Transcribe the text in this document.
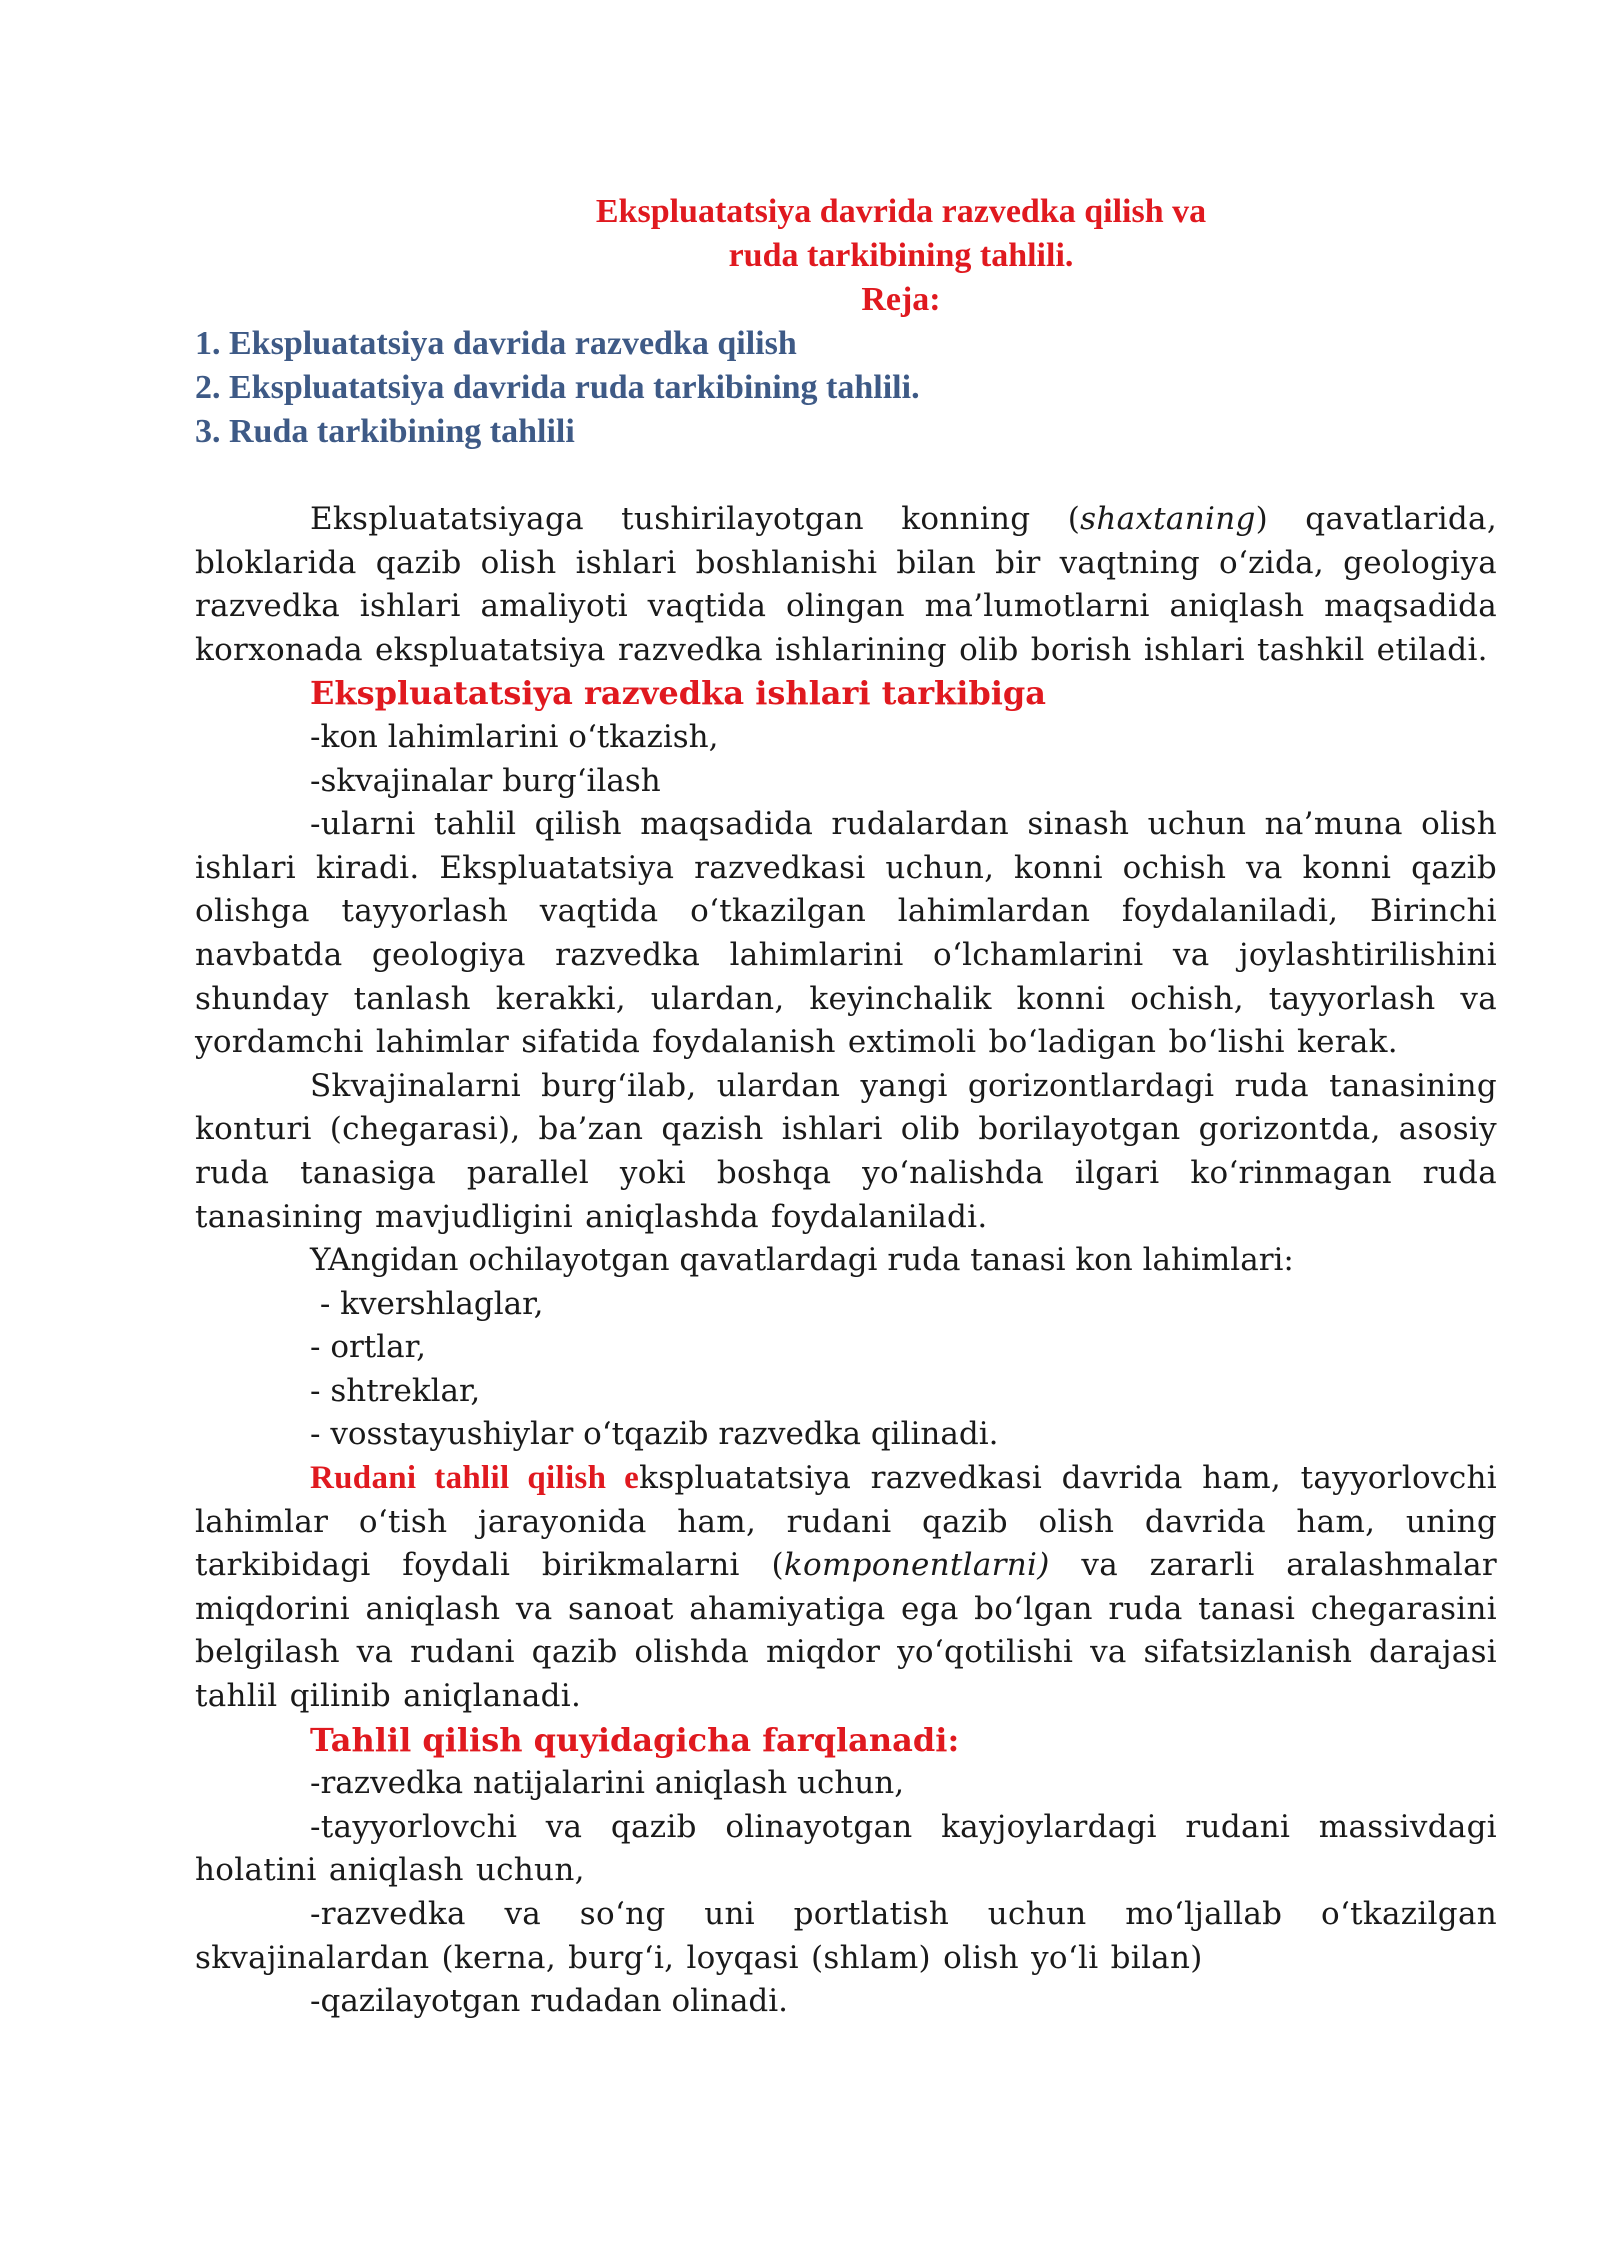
Ekspluatatsiya davrida razvedka qilish va
ruda tarkibining tahlili.
Reja:
1. Ekspluatatsiya davrida razvedka qilish
2. Ekspluatatsiya davrida ruda tarkibining tahlili.
3. Ruda tarkibining tahlili

Ekspluatatsiyaga tushirilayotgan konning (shaxtaning) qavatlarida, bloklarida qazib olish ishlari boshlanishi bilan bir vaqtning o‘zida, geologiya razvedka ishlari amaliyoti vaqtida olingan ma’lumotlarni aniqlash maqsadida korxonada ekspluatatsiya razvedka ishlarining olib borish ishlari tashkil etiladi.

Ekspluatatsiya razvedka ishlari tarkibiga

-kon lahimlarini o‘tkazish,

-skvajinalar burg‘ilash

-ularni tahlil qilish maqsadida rudalardan sinash uchun na’muna olish ishlari kiradi. Ekspluatatsiya razvedkasi uchun, konni ochish va konni qazib olishga tayyorlash vaqtida o‘tkazilgan lahimlardan foydalaniladi, Birinchi navbatda geologiya razvedka lahimlarini o‘lchamlarini va joylashtirilishini shunday tanlash kerakki, ulardan, keyinchalik konni ochish, tayyorlash va yordamchi lahimlar sifatida foydalanish extimoli bo‘ladigan bo‘lishi kerak.

Skvajinalarni burg‘ilab, ulardan yangi gorizontlardagi ruda tanasining konturi (chegarasi), ba’zan qazish ishlari olib borilayotgan gorizontda, asosiy ruda tanasiga parallel yoki boshqa yo‘nalishda ilgari ko‘rinmagan ruda tanasining mavjudligini aniqlashda foydalaniladi.

YAngidan ochilayotgan qavatlardagi ruda tanasi kon lahimlari:

- kvershlaglar,

- ortlar,

- shtreklar,

- vosstayushiylar o‘tqazib razvedka qilinadi.

Rudani tahlil qilish ekspluatatsiya razvedkasi davrida ham, tayyorlovchi lahimlar o‘tish jarayonida ham, rudani qazib olish davrida ham, uning tarkibidagi foydali birikmalarni (komponentlarni) va zararli aralashmalar miqdorini aniqlash va sanoat ahamiyatiga ega bo‘lgan ruda tanasi chegarasini belgilash va rudani qazib olishda miqdor yo‘qotilishi va sifatsizlanish darajasi tahlil qilinib aniqlanadi.

Tahlil qilish quyidagicha farqlanadi:

-razvedka natijalarini aniqlash uchun,

-tayyorlovchi va qazib olinayotgan kayjoylardagi rudani massivdagi holatini aniqlash uchun,

-razvedka va so‘ng uni portlatish uchun mo‘ljallab o‘tkazilgan skvajinalardan (kerna, burg‘i, loyqasi (shlam) olish yo‘li bilan)

-qazilayotgan rudadan olinadi.
